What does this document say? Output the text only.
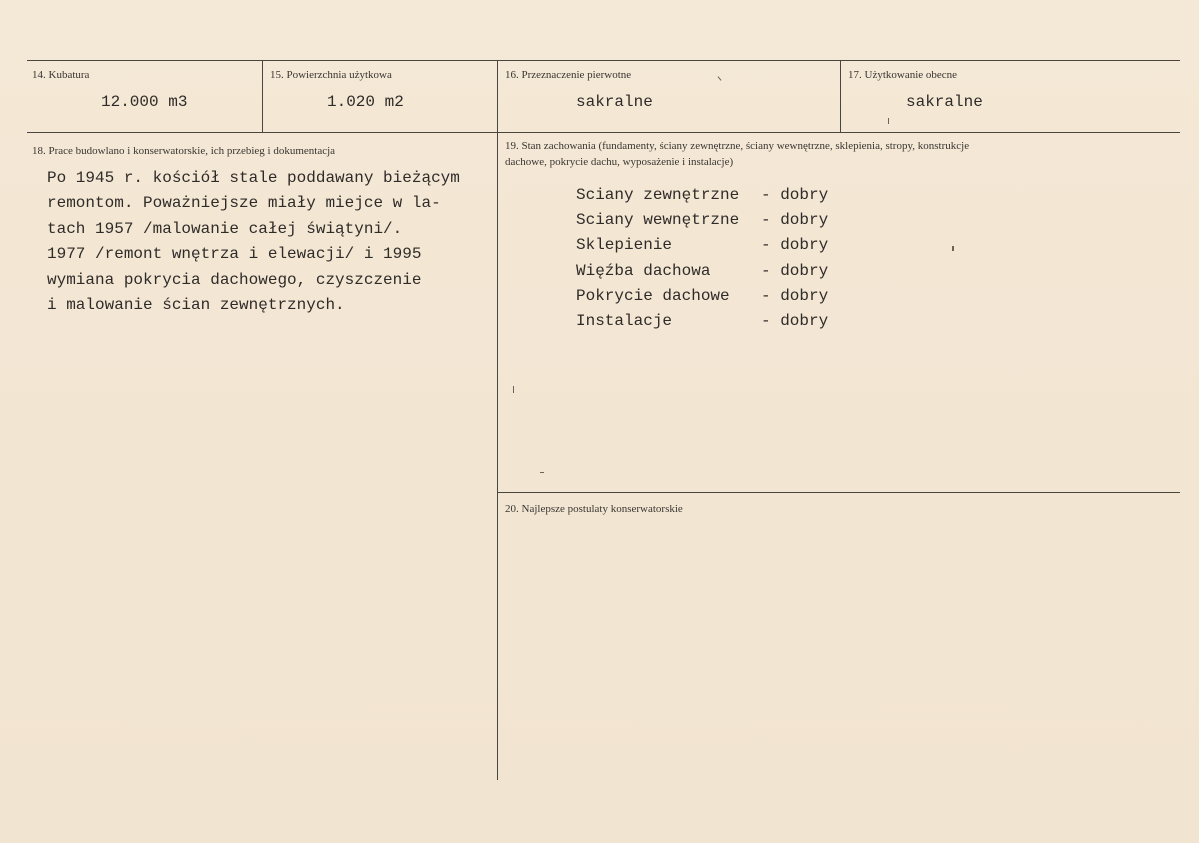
14. Kubatura
12.000 m3
15. Powierzchnia użytkowa
1.020 m2
16. Przeznaczenie pierwotne
sakralne
17. Użytkowanie obecne
sakralne
18. Prace budowlano i konserwatorskie, ich przebieg i dokumentacja
Po 1945 r. kościół stale poddawany bieżącym
remontom. Poważniejsze miały miejce w la-
tach 1957 /malowanie całej świątyni/.
1977 /remont wnętrza i elewacji/ i 1995
wymiana pokrycia dachowego, czyszczenie
i malowanie ścian zewnętrznych.
19. Stan zachowania (fundamenty, ściany zewnętrzne, ściany wewnętrzne, sklepienia, stropy, konstrukcje
dachowe, pokrycie dachu, wyposażenie i instalacje)
Sciany zewnętrzne - dobry
Sciany wewnętrzne - dobry
Sklepienie	- dobry
Więźba dachowa	- dobry
Pokrycie dachowe - dobry
Instalacje	- dobry
20. Najlepsze postulaty konserwatorskie
